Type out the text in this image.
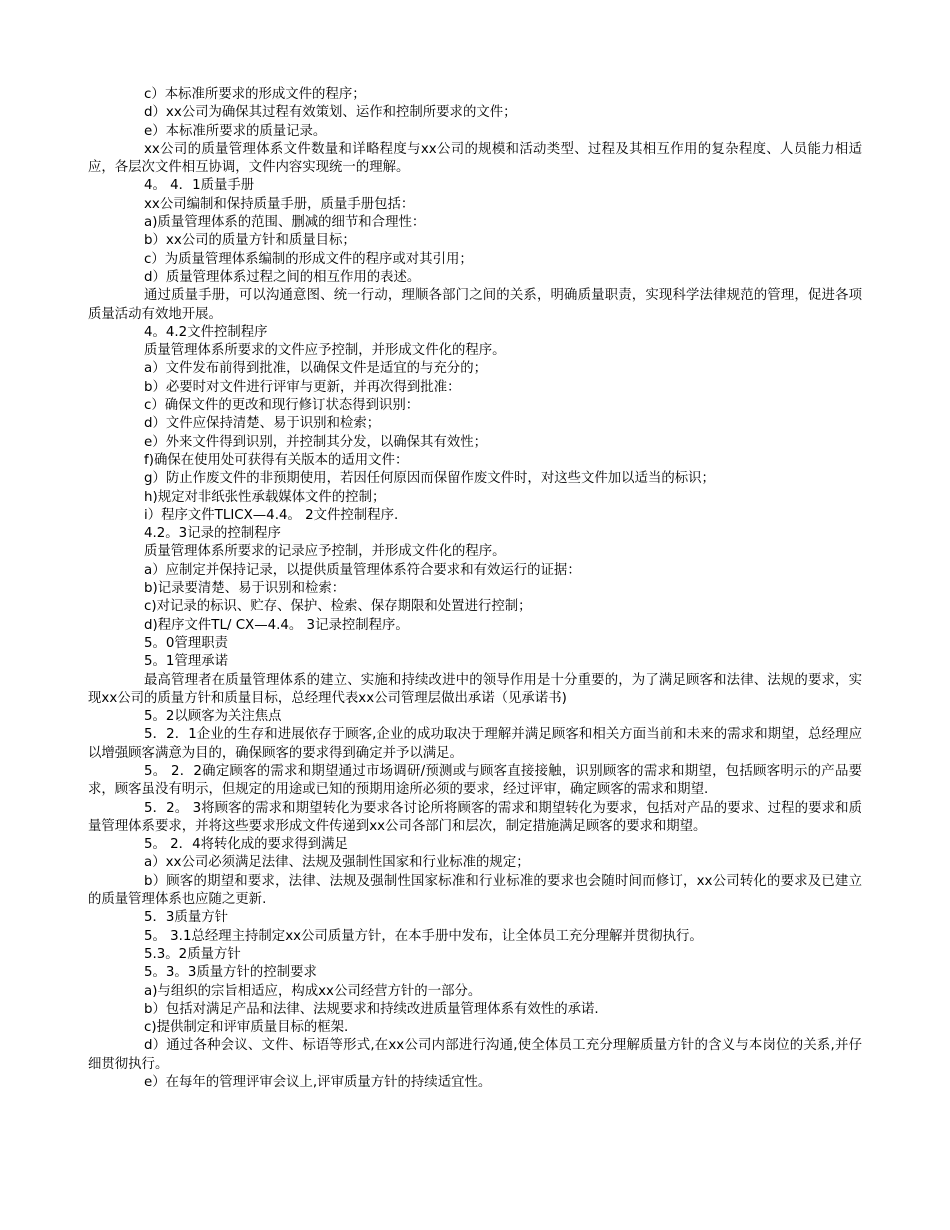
c）本标准所要求的形成文件的程序；

d）xx公司为确保其过程有效策划、运作和控制所要求的文件；

e）本标准所要求的质量记录。

xx公司的质量管理体系文件数量和详略程度与xx公司的规模和活动类型、过程及其相互作用的复杂程度、人员能力相适应，各层次文件相互协调，文件内容实现统一的理解。

4。 4．1质量手册

xx公司编制和保持质量手册，质量手册包括：

a)质量管理体系的范围、删减的细节和合理性：

b）xx公司的质量方针和质量目标；

c）为质量管理体系编制的形成文件的程序或对其引用；

d）质量管理体系过程之间的相互作用的表述。

通过质量手册，可以沟通意图、统一行动，理顺各部门之间的关系，明确质量职责，实现科学法律规范的管理，促进各项质量活动有效地开展。

4。4.2文件控制程序

质量管理体系所要求的文件应予控制，并形成文件化的程序。

a）文件发布前得到批准，以确保文件是适宜的与充分的；

b）必要时对文件进行评审与更新，并再次得到批准：

c）确保文件的更改和现行修订状态得到识别：

d）文件应保持清楚、易于识别和检索；

e）外来文件得到识别，并控制其分发，以确保其有效性；

f)确保在使用处可获得有关版本的适用文件：

g）防止作废文件的非预期使用，若因任何原因而保留作废文件时，对这些文件加以适当的标识；

h)规定对非纸张性承载媒体文件的控制；

i）程序文件TLICX—4.4。 2文件控制程序.

4.2。3记录的控制程序

质量管理体系所要求的记录应予控制，并形成文件化的程序。

a）应制定并保持记录，以提供质量管理体系符合要求和有效运行的证据：

b)记录要清楚、易于识别和检索：

c)对记录的标识、贮存、保护、检索、保存期限和处置进行控制；

d)程序文件TL/ CX—4.4。 3记录控制程序。

5。0管理职责

5。1管理承诺

最高管理者在质量管理体系的建立、实施和持续改进中的领导作用是十分重要的，为了满足顾客和法律、法规的要求，实现xx公司的质量方针和质量目标，总经理代表xx公司管理层做出承诺（见承诺书)

5。2以顾客为关注焦点

5．2．1企业的生存和进展依存于顾客,企业的成功取决于理解并满足顾客和相关方面当前和未来的需求和期望，总经理应以增强顾客满意为目的，确保顾客的要求得到确定并予以满足。

5。 2．2确定顾客的需求和期望通过市场调研/预测或与顾客直接接触，识别顾客的需求和期望，包括顾客明示的产品要求，顾客虽没有明示，但规定的用途或已知的预期用途所必须的要求，经过评审，确定顾客的需求和期望.

5．2。 3将顾客的需求和期望转化为要求各讨论所将顾客的需求和期望转化为要求，包括对产品的要求、过程的要求和质量管理体系要求，并将这些要求形成文件传递到xx公司各部门和层次，制定措施满足顾客的要求和期望。

5。 2．4将转化成的要求得到满足

a）xx公司必须满足法律、法规及强制性国家和行业标准的规定；

b）顾客的期望和要求，法律、法规及强制性国家标准和行业标准的要求也会随时间而修订，xx公司转化的要求及已建立的质量管理体系也应随之更新.

5．3质量方针

5。 3.1总经理主持制定xx公司质量方针，在本手册中发布，让全体员工充分理解并贯彻执行。

5.3。2质量方针

5。3。3质量方针的控制要求

a)与组织的宗旨相适应，构成xx公司经营方针的一部分。

b）包括对满足产品和法律、法规要求和持续改进质量管理体系有效性的承诺.

c)提供制定和评审质量目标的框架.

d）通过各种会议、文件、标语等形式,在xx公司内部进行沟通,使全体员工充分理解质量方针的含义与本岗位的关系,并仔细贯彻执行。

e）在每年的管理评审会议上,评审质量方针的持续适宜性。
